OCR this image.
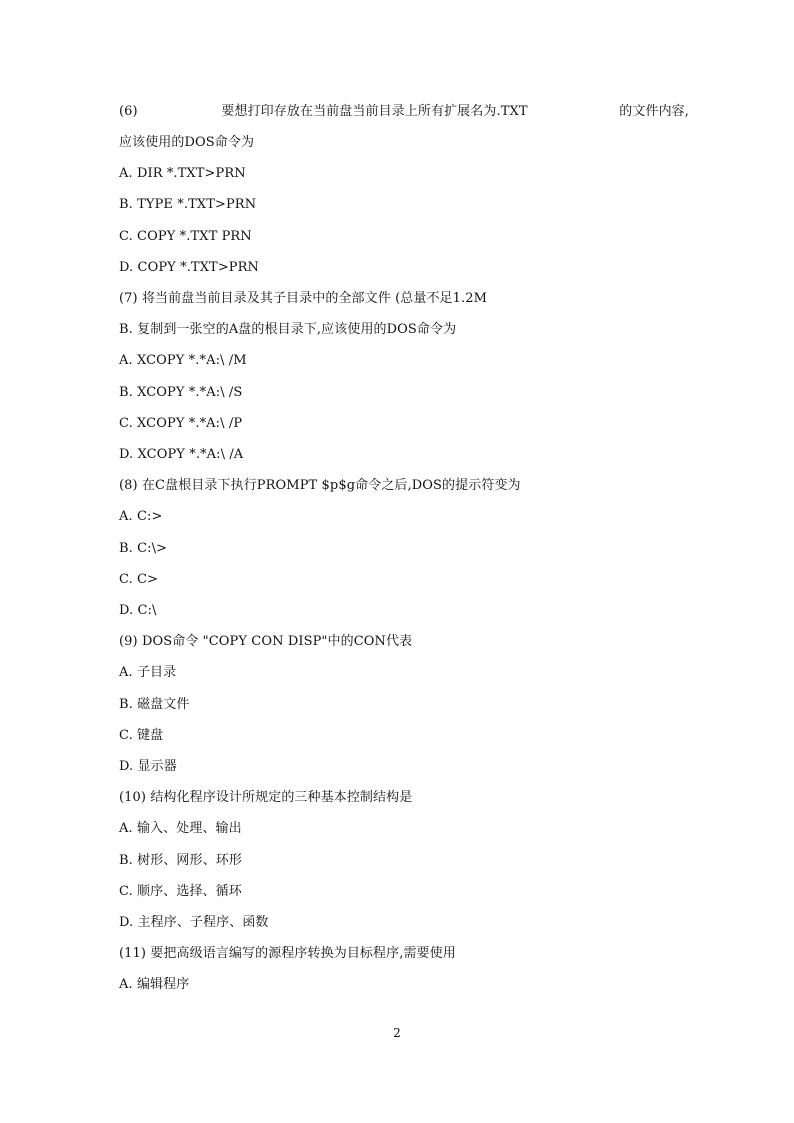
(6)	要想打印存放在当前盘当前目录上所有扩展名为.TXT	的文件内容,
应该使用的DOS命令为
A. DIR *.TXT>PRN
B. TYPE *.TXT>PRN
C. COPY *.TXT PRN
D. COPY *.TXT>PRN
(7) 将当前盘当前目录及其子目录中的全部文件 (总量不足1.2M
B. 复制到一张空的A盘的根目录下,应该使用的DOS命令为
A. XCOPY *.*A:\ /M
B. XCOPY *.*A:\ /S
C. XCOPY *.*A:\ /P
D. XCOPY *.*A:\ /A
(8) 在C盘根目录下执行PROMPT $p$g命令之后,DOS的提示符变为
A. C:>
B. C:\>
C. C>
D. C:\
(9) DOS命令 "COPY CON DISP"中的CON代表
A. 子目录
B. 磁盘文件
C. 键盘
D. 显示器
(10) 结构化程序设计所规定的三种基本控制结构是
A. 输入、处理、输出
B. 树形、网形、环形
C. 顺序、选择、循环
D. 主程序、子程序、函数
(11) 要把高级语言编写的源程序转换为目标程序,需要使用
A. 编辑程序
2
